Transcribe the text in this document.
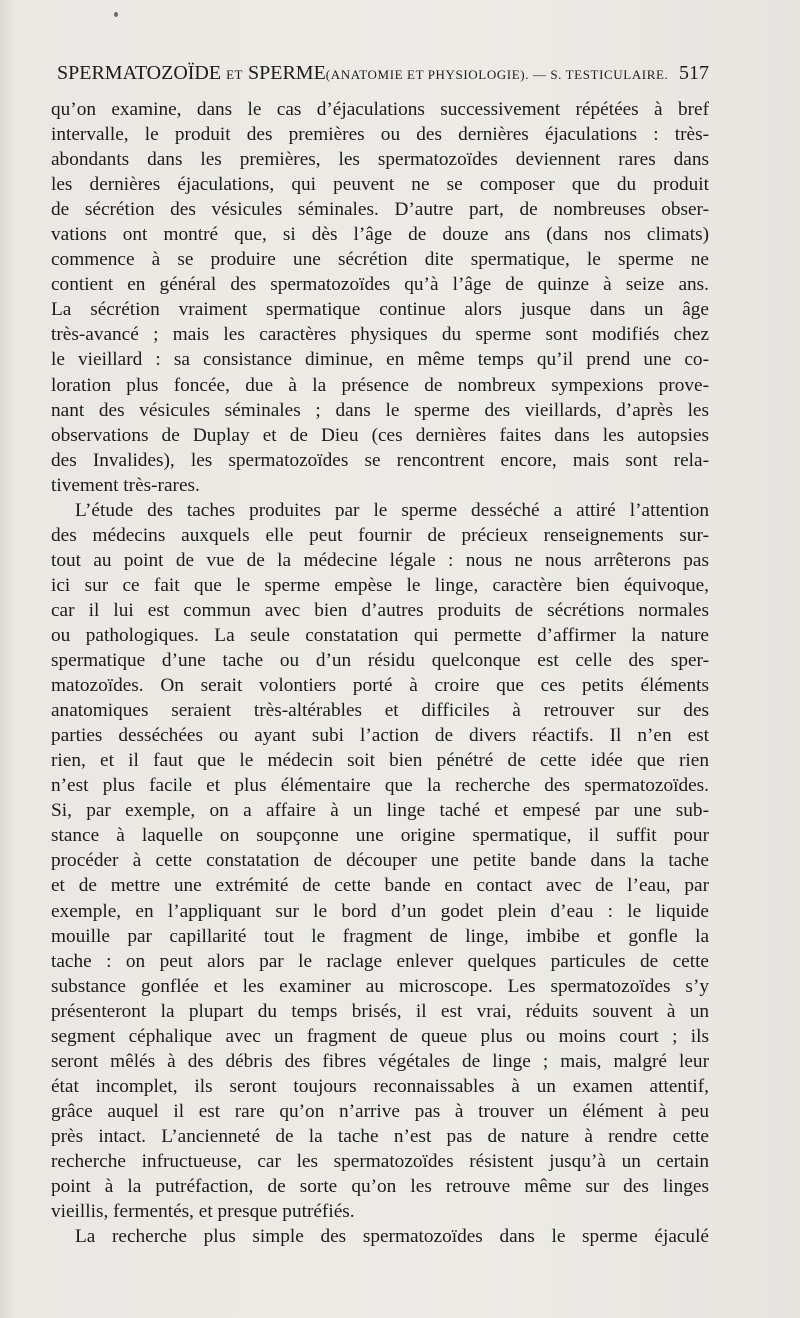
SPERMATOZOÏDE ET SPERME(ANATOMIE ET PHYSIOLOGIE). — S. TESTICULAIRE. 517
qu’on examine, dans le cas d’éjaculations successivement répétées à bref
intervalle, le produit des premières ou des dernières éjaculations : très-
abondants dans les premières, les spermatozoïdes deviennent rares dans
les dernières éjaculations, qui peuvent ne se composer que du produit
de sécrétion des vésicules séminales. D’autre part, de nombreuses obser-
vations ont montré que, si dès l’âge de douze ans (dans nos climats)
commence à se produire une sécrétion dite spermatique, le sperme ne
contient en général des spermatozoïdes qu’à l’âge de quinze à seize ans.
La sécrétion vraiment spermatique continue alors jusque dans un âge
très-avancé ; mais les caractères physiques du sperme sont modifiés chez
le vieillard : sa consistance diminue, en même temps qu’il prend une co-
loration plus foncée, due à la présence de nombreux sympexions prove-
nant des vésicules séminales ; dans le sperme des vieillards, d’après les
observations de Duplay et de Dieu (ces dernières faites dans les autopsies
des Invalides), les spermatozoïdes se rencontrent encore, mais sont rela-
tivement très-rares.
L’étude des taches produites par le sperme desséché a attiré l’attention
des médecins auxquels elle peut fournir de précieux renseignements sur-
tout au point de vue de la médecine légale : nous ne nous arrêterons pas
ici sur ce fait que le sperme empèse le linge, caractère bien équivoque,
car il lui est commun avec bien d’autres produits de sécrétions normales
ou pathologiques. La seule constatation qui permette d’affirmer la nature
spermatique d’une tache ou d’un résidu quelconque est celle des sper-
matozoïdes. On serait volontiers porté à croire que ces petits éléments
anatomiques seraient très-altérables et difficiles à retrouver sur des
parties desséchées ou ayant subi l’action de divers réactifs. Il n’en est
rien, et il faut que le médecin soit bien pénétré de cette idée que rien
n’est plus facile et plus élémentaire que la recherche des spermatozoïdes.
Si, par exemple, on a affaire à un linge taché et empesé par une sub-
stance à laquelle on soupçonne une origine spermatique, il suffit pour
procéder à cette constatation de découper une petite bande dans la tache
et de mettre une extrémité de cette bande en contact avec de l’eau, par
exemple, en l’appliquant sur le bord d’un godet plein d’eau : le liquide
mouille par capillarité tout le fragment de linge, imbibe et gonfle la
tache : on peut alors par le raclage enlever quelques particules de cette
substance gonflée et les examiner au microscope. Les spermatozoïdes s’y
présenteront la plupart du temps brisés, il est vrai, réduits souvent à un
segment céphalique avec un fragment de queue plus ou moins court ; ils
seront mêlés à des débris des fibres végétales de linge ; mais, malgré leur
état incomplet, ils seront toujours reconnaissables à un examen attentif,
grâce auquel il est rare qu’on n’arrive pas à trouver un élément à peu
près intact. L’ancienneté de la tache n’est pas de nature à rendre cette
recherche infructueuse, car les spermatozoïdes résistent jusqu’à un certain
point à la putréfaction, de sorte qu’on les retrouve même sur des linges
vieillis, fermentés, et presque putréfiés.
La recherche plus simple des spermatozoïdes dans le sperme éjaculé
